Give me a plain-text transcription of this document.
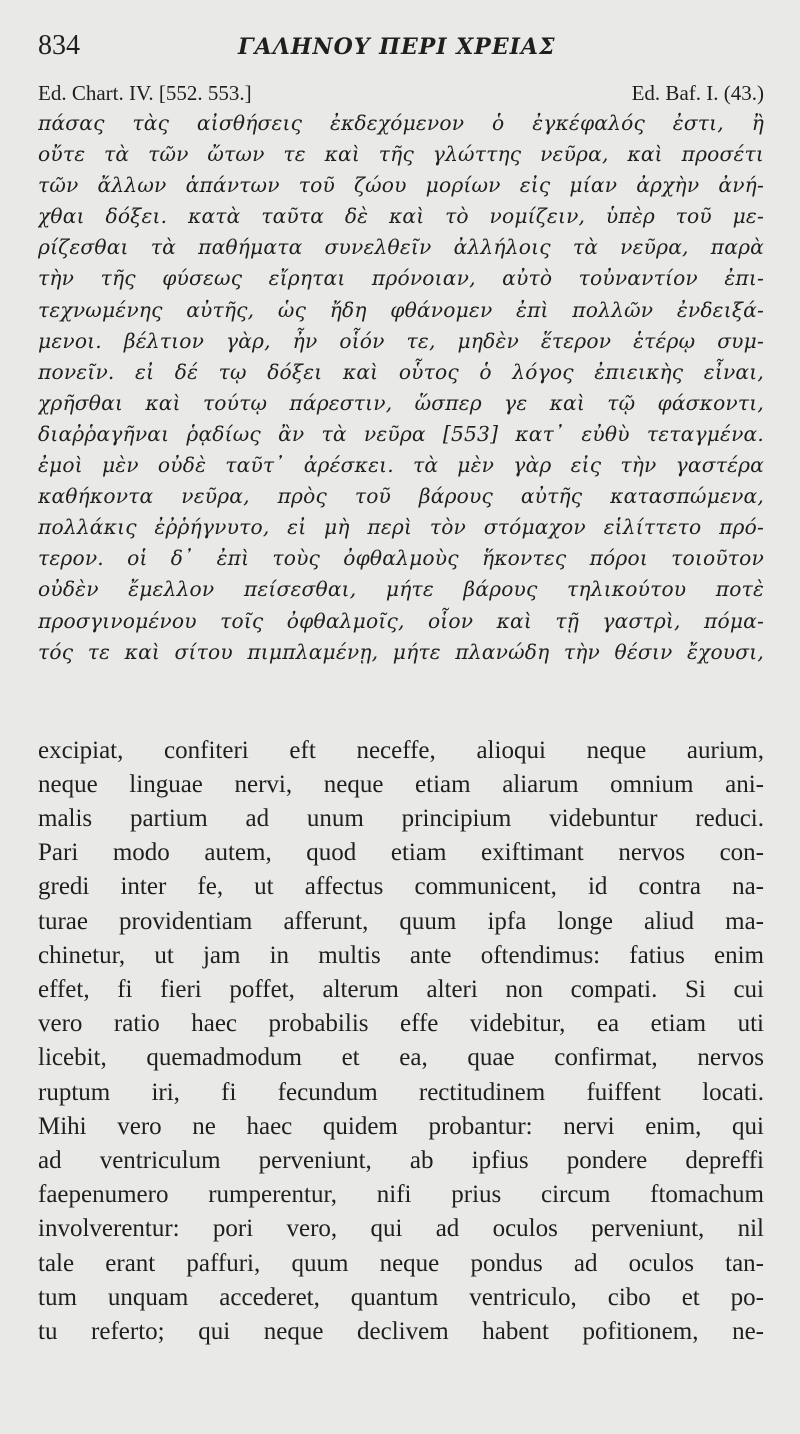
834	ΓΑΛΗΝΟΥ ΠΕΡΙ ΧΡΕΙΑΣ
Ed. Chart. IV. [552. 553.]	Ed. Baf. I. (43.)
πάσας τὰς αἰσθήσεις ἐκδεχόμενον ὁ ἐγκέφαλός ἐστι, ἢ
οὔτε τὰ τῶν ὤτων τε καὶ τῆς γλώττης νεῦρα, καὶ προσέτι
τῶν ἄλλων ἁπάντων τοῦ ζώου μορίων εἰς μίαν ἀρχὴν ἀνή-
χθαι δόξει. κατὰ ταῦτα δὲ καὶ τὸ νομίζειν, ὑπὲρ τοῦ με-
ρίζεσθαι τὰ παθήματα συνελθεῖν ἀλλήλοις τὰ νεῦρα, παρὰ
τὴν τῆς φύσεως εἴρηται πρόνοιαν, αὐτὸ τοὐναντίον ἐπι-
τεχνωμένης αὐτῆς, ὡς ἤδη φθάνομεν ἐπὶ πολλῶν ἐνδειξά-
μενοι. βέλτιον γὰρ, ἦν οἷόν τε, μηδὲν ἕτερον ἑτέρῳ συμ-
πονεῖν. εἰ δέ τῳ δόξει καὶ οὗτος ὁ λόγος ἐπιεικὴς εἶναι,
χρῆσθαι καὶ τούτῳ πάρεστιν, ὥσπερ γε καὶ τῷ φάσκοντι,
διαῤῥαγῆναι ῥᾳδίως ἂν τὰ νεῦρα [553] κατ᾽ εὐθὺ τεταγμένα.
ἐμοὶ μὲν οὐδὲ ταῦτ᾽ ἀρέσκει. τὰ μὲν γὰρ εἰς τὴν γαστέρα
καθήκοντα νεῦρα, πρὸς τοῦ βάρους αὐτῆς κατασπώμενα,
πολλάκις ἐῤῥήγνυτο, εἰ μὴ περὶ τὸν στόμαχον εἱλίττετο πρό-
τερον. οἱ δ᾽ ἐπὶ τοὺς ὀφθαλμοὺς ἥκοντες πόροι τοιοῦτον
οὐδὲν ἔμελλον πείσεσθαι, μήτε βάρους τηλικούτου ποτὲ
προσγινομένου τοῖς ὀφθαλμοῖς, οἷον καὶ τῇ γαστρὶ, πόμα-
τός τε καὶ σίτου πιμπλαμένῃ, μήτε πλανώδη τὴν θέσιν ἔχουσι,
excipiat, confiteri eft neceffe, alioqui neque aurium,
neque linguae nervi, neque etiam aliarum omnium ani-
malis partium ad unum principium videbuntur reduci.
Pari modo autem, quod etiam exiftimant nervos con-
gredi inter fe, ut affectus communicent, id contra na-
turae providentiam afferunt, quum ipfa longe aliud ma-
chinetur, ut jam in multis ante oftendimus: fatius enim
effet, fi fieri poffet, alterum alteri non compati. Si cui
vero ratio haec probabilis effe videbitur, ea etiam uti
licebit, quemadmodum et ea, quae confirmat, nervos
ruptum iri, fi fecundum rectitudinem fuiffent locati.
Mihi vero ne haec quidem probantur: nervi enim, qui
ad ventriculum perveniunt, ab ipfius pondere depreffi
faepenumero rumperentur, nifi prius circum ftomachum
involverentur: pori vero, qui ad oculos perveniunt, nil
tale erant paffuri, quum neque pondus ad oculos tan-
tum unquam accederet, quantum ventriculo, cibo et po-
tu referto; qui neque declivem habent pofitionem, ne-
